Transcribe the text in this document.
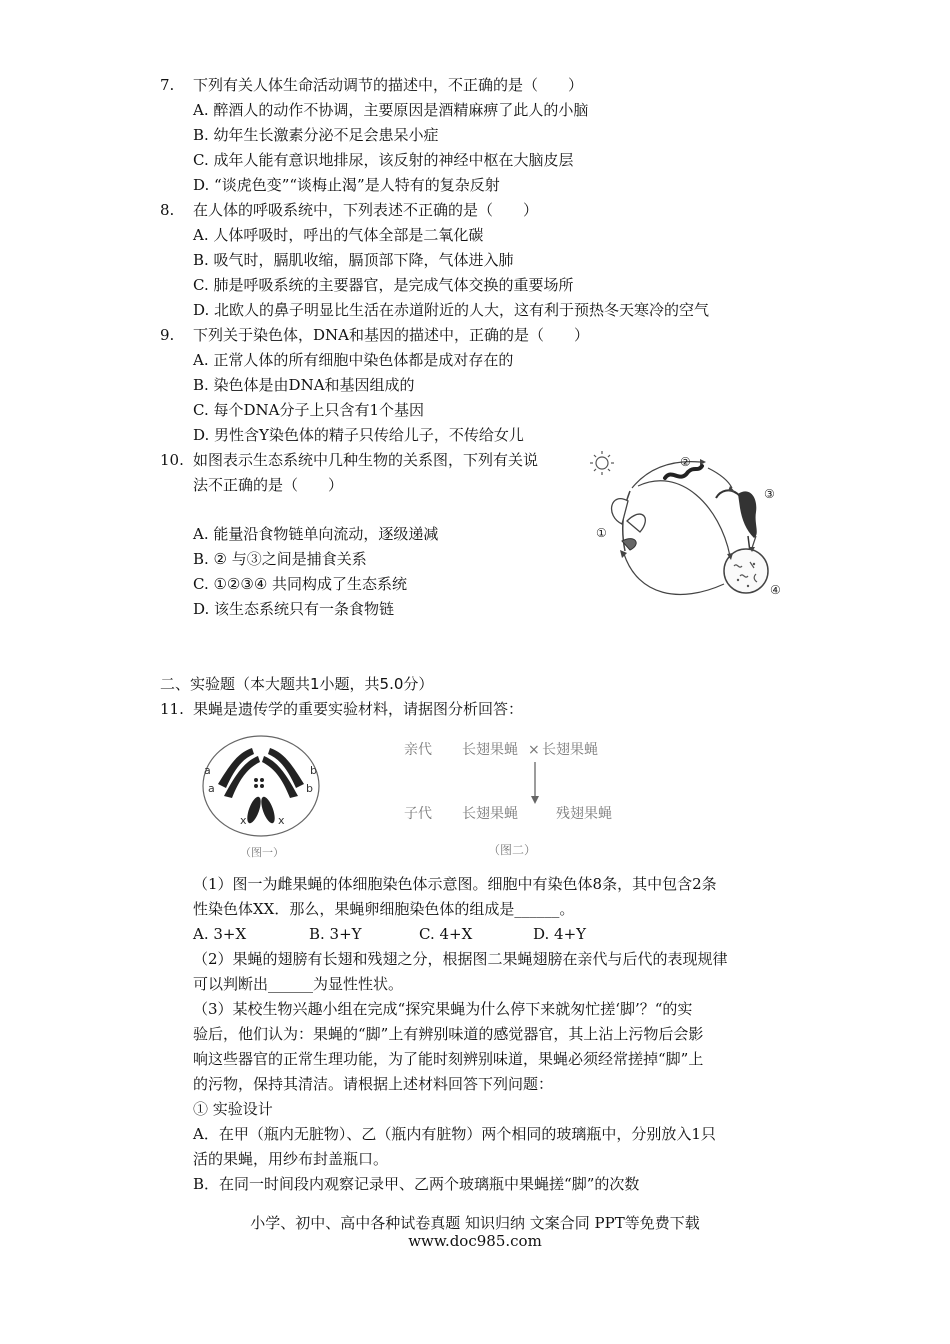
7. 下列有关人体生命活动调节的描述中，不正确的是（　　）
A. 醉酒人的动作不协调，主要原因是酒精麻痹了此人的小脑
B. 幼年生长激素分泌不足会患呆小症
C. 成年人能有意识地排尿，该反射的神经中枢在大脑皮层
D. “谈虎色变”“谈梅止渴”是人特有的复杂反射
8. 在人体的呼吸系统中，下列表述不正确的是（　　）
A. 人体呼吸时，呼出的气体全部是二氧化碳
B. 吸气时，膈肌收缩，膈顶部下降，气体进入肺
C. 肺是呼吸系统的主要器官，是完成气体交换的重要场所
D. 北欧人的鼻子明显比生活在赤道附近的人大，这有利于预热冬天寒冷的空气
9. 下列关于染色体，DNA和基因的描述中，正确的是（　　）
A. 正常人体的所有细胞中染色体都是成对存在的
B. 染色体是由DNA和基因组成的
C. 每个DNA分子上只含有1个基因
D. 男性含Y染色体的精子只传给儿子，不传给女儿
10. 如图表示生态系统中几种生物的关系图，下列有关说
法不正确的是（　　）
A. 能量沿食物链单向流动，逐级递减
B. ② 与③之间是捕食关系
C. ①②③④ 共同构成了生态系统
D. 该生态系统只有一条食物链
①
②
③
④
二、实验题（本大题共1小题，共5.0分）
11. 果蝇是遗传学的重要实验材料，请据图分析回答：
a
a
b
b
x	x
（图一）
亲代 长翅果蝇 × 长翅果蝇
子代 长翅果蝇	残翅果蝇
（图二）
（1）图一为雌果蝇的体细胞染色体示意图。细胞中有染色体8条，其中包含2条
性染色体XX．那么，果蝇卵细胞染色体的组成是______。
A. 3+X	B. 3+Y	C. 4+X	D. 4+Y
（2）果蝇的翅膀有长翅和残翅之分，根据图二果蝇翅膀在亲代与后代的表现规律
可以判断出______为显性性状。
（3）某校生物兴趣小组在完成“探究果蝇为什么停下来就匆忙搓‘脚’？“的实
验后，他们认为：果蝇的“脚”上有辨别味道的感觉器官，其上沾上污物后会影
响这些器官的正常生理功能，为了能时刻辨别味道，果蝇必须经常搓掉“脚”上
的污物，保持其清洁。请根据上述材料回答下列问题：
① 实验设计
A．在甲（瓶内无脏物）、乙（瓶内有脏物）两个相同的玻璃瓶中，分别放入1只
活的果蝇，用纱布封盖瓶口。
B．在同一时间段内观察记录甲、乙两个玻璃瓶中果蝇搓“脚”的次数
小学、初中、高中各种试卷真题 知识归纳 文案合同 PPT等免费下载
www.doc985.com
